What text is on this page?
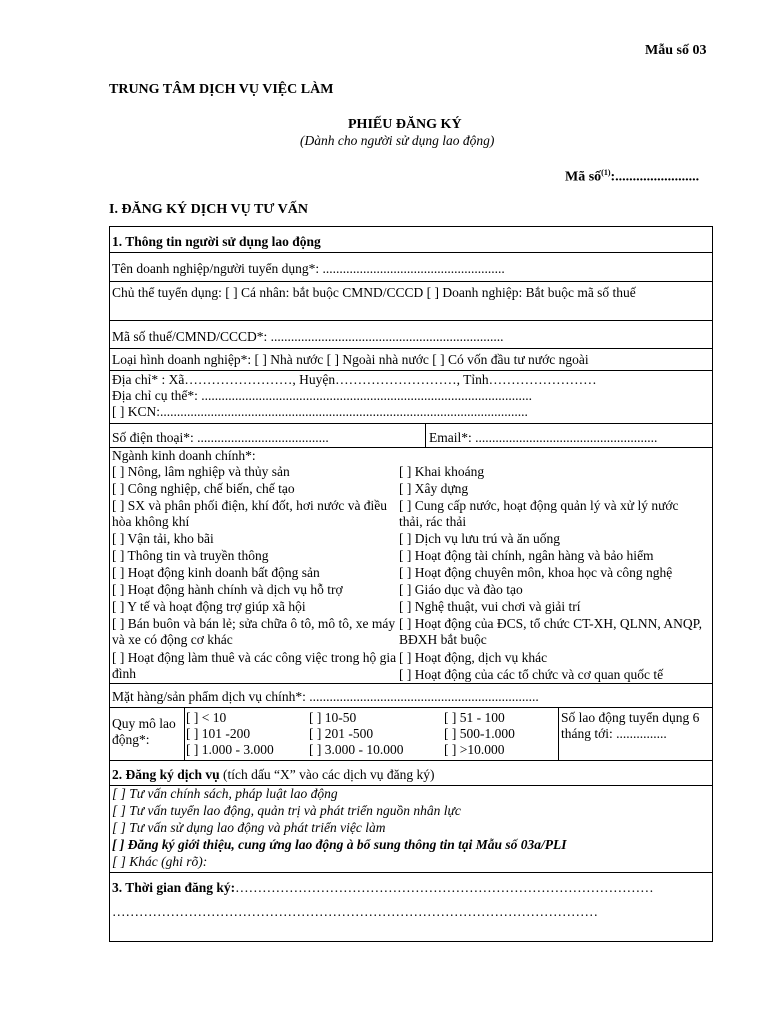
Mẫu số 03
TRUNG TÂM DỊCH VỤ VIỆC LÀM
PHIẾU ĐĂNG KÝ
(Dành cho người sử dụng lao động)
Mã số$^{(1)}$:........................
I. ĐĂNG KÝ DỊCH VỤ TƯ VẤN
1. Thông tin người sử dụng lao động
Tên doanh nghiệp/người tuyển dụng*: ......................................................
Chủ thể tuyển dụng: [ ] Cá nhân: bắt buộc CMND/CCCD [ ] Doanh nghiệp: Bắt buộc mã số thuế
Mã số thuế/CMND/CCCD*: .....................................................................
Loại hình doanh nghiệp*: [ ] Nhà nước [ ] Ngoài nhà nước [ ] Có vốn đầu tư nước ngoài
Địa chỉ* : Xã……………………, Huyện………………………, Tỉnh……………………
Địa chỉ cụ thể*: ..................................................................................................
[ ] KCN:.............................................................................................................
Số điện thoại*: .......................................	Email*: ......................................................
Ngành kinh doanh chính*:
[ ] Nông, lâm nghiệp và thủy sản
[ ] Công nghiệp, chế biến, chế tạo
[ ] SX và phân phối điện, khí đốt, hơi nước và điều hòa không khí
[ ] Vận tải, kho bãi
[ ] Thông tin và truyền thông
[ ] Hoạt động kinh doanh bất động sản
[ ] Hoạt động hành chính và dịch vụ hỗ trợ
[ ] Y tế và hoạt động trợ giúp xã hội
[ ] Bán buôn và bán lẻ; sửa chữa ô tô, mô tô, xe máy và xe có động cơ khác
[ ] Hoạt động làm thuê và các công việc trong hộ gia đình
[ ] Khai khoáng
[ ] Xây dựng
[ ] Cung cấp nước, hoạt động quản lý và xử lý nước thải, rác thải
[ ] Dịch vụ lưu trú và ăn uống
[ ] Hoạt động tài chính, ngân hàng và bảo hiểm
[ ] Hoạt động chuyên môn, khoa học và công nghệ
[ ] Giáo dục và đào tạo
[ ] Nghệ thuật, vui chơi và giải trí
[ ] Hoạt động của ĐCS, tổ chức CT-XH, QLNN, ANQP, BĐXH bắt buộc
[ ] Hoạt động, dịch vụ khác
[ ] Hoạt động của các tổ chức và cơ quan quốc tế
Mặt hàng/sản phẩm dịch vụ chính*: ....................................................................
Quy mô lao động*:
[ ] < 10
[ ] 101 -200
[ ] 1.000 - 3.000
[ ] 10-50
[ ] 201 -500
[ ] 3.000 - 10.000
[ ] 51 - 100
[ ] 500-1.000
[ ] >10.000
Số lao động tuyển dụng 6 tháng tới: ...............
2. Đăng ký dịch vụ (tích dấu “X” vào các dịch vụ đăng ký)
[ ] Tư vấn chính sách, pháp luật lao động
[ ] Tư vấn tuyển lao động, quản trị và phát triển nguồn nhân lực
[ ] Tư vấn sử dụng lao động và phát triển việc làm
[ ] Đăng ký giới thiệu, cung ứng lao động à bổ sung thông tin tại Mẫu số 03a/PLI
[ ] Khác (ghi rõ):
3. Thời gian đăng ký:…………………………………………………………………………………
………………………………………………………………………………………………
